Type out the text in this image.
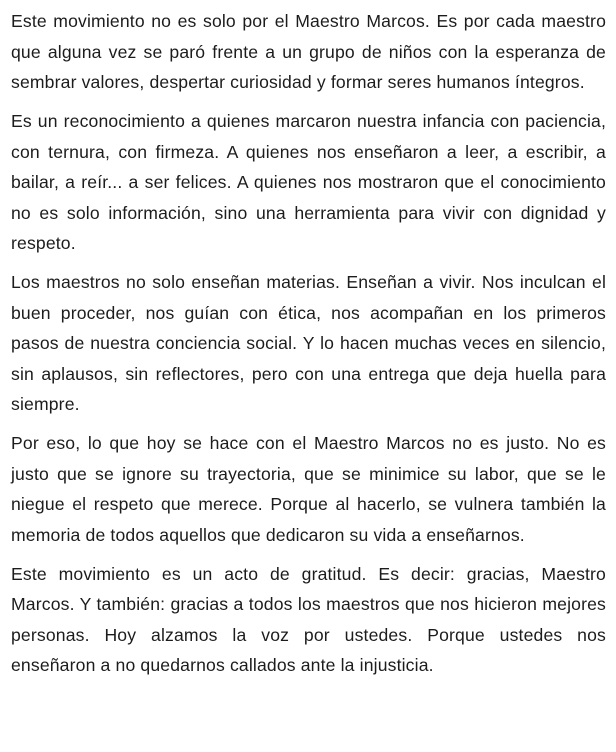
Este movimiento no es solo por el Maestro Marcos. Es por cada maestro que alguna vez se paró frente a un grupo de niños con la esperanza de sembrar valores, despertar curiosidad y formar seres humanos íntegros.

Es un reconocimiento a quienes marcaron nuestra infancia con paciencia, con ternura, con firmeza. A quienes nos enseñaron a leer, a escribir, a bailar, a reír... a ser felices. A quienes nos mostraron que el conocimiento no es solo información, sino una herramienta para vivir con dignidad y respeto.

Los maestros no solo enseñan materias. Enseñan a vivir. Nos inculcan el buen proceder, nos guían con ética, nos acompañan en los primeros pasos de nuestra conciencia social. Y lo hacen muchas veces en silencio, sin aplausos, sin reflectores, pero con una entrega que deja huella para siempre.

Por eso, lo que hoy se hace con el Maestro Marcos no es justo. No es justo que se ignore su trayectoria, que se minimice su labor, que se le niegue el respeto que merece. Porque al hacerlo, se vulnera también la memoria de todos aquellos que dedicaron su vida a enseñarnos.

Este movimiento es un acto de gratitud. Es decir: gracias, Maestro Marcos. Y también: gracias a todos los maestros que nos hicieron mejores personas. Hoy alzamos la voz por ustedes. Porque ustedes nos enseñaron a no quedarnos callados ante la injusticia.
